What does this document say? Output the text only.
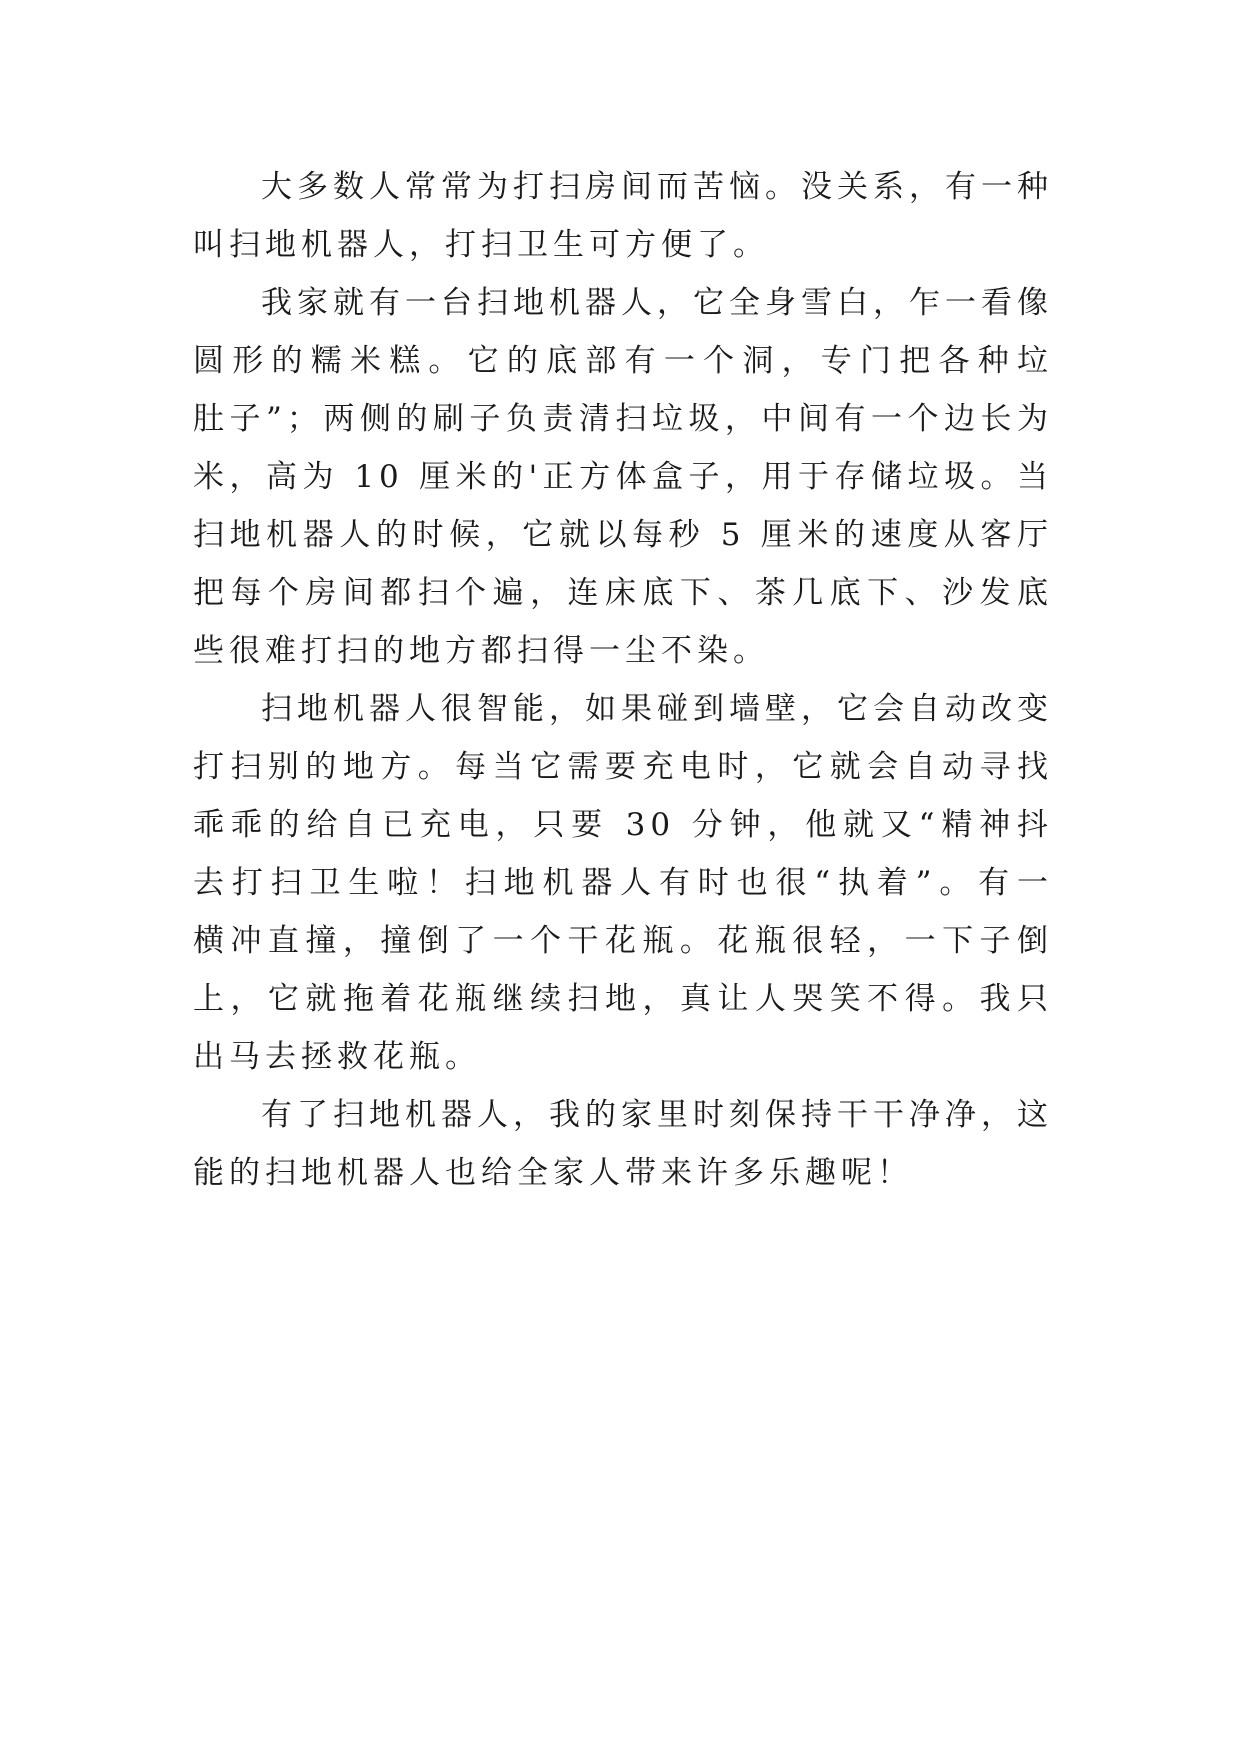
大多数人常常为打扫房间而苦恼。没关系，有一种
叫扫地机器人，打扫卫生可方便了。
我家就有一台扫地机器人，它全身雪白，乍一看像
圆形的糯米糕。它的底部有一个洞，专门把各种垃
肚子”；两侧的刷子负责清扫垃圾，中间有一个边长为
米，高为 10 厘米的'正方体盒子，用于存储垃圾。当
扫地机器人的时候，它就以每秒 5 厘米的速度从客厅
把每个房间都扫个遍，连床底下、茶几底下、沙发底
些很难打扫的地方都扫得一尘不染。
扫地机器人很智能，如果碰到墙壁，它会自动改变
打扫别的地方。每当它需要充电时，它就会自动寻找
乖乖的给自已充电，只要 30 分钟，他就又“精神抖
去打扫卫生啦！扫地机器人有时也很“执着”。有一
横冲直撞，撞倒了一个干花瓶。花瓶很轻，一下子倒
上，它就拖着花瓶继续扫地，真让人哭笑不得。我只
出马去拯救花瓶。
有了扫地机器人，我的家里时刻保持干干净净，这
能的扫地机器人也给全家人带来许多乐趣呢！
